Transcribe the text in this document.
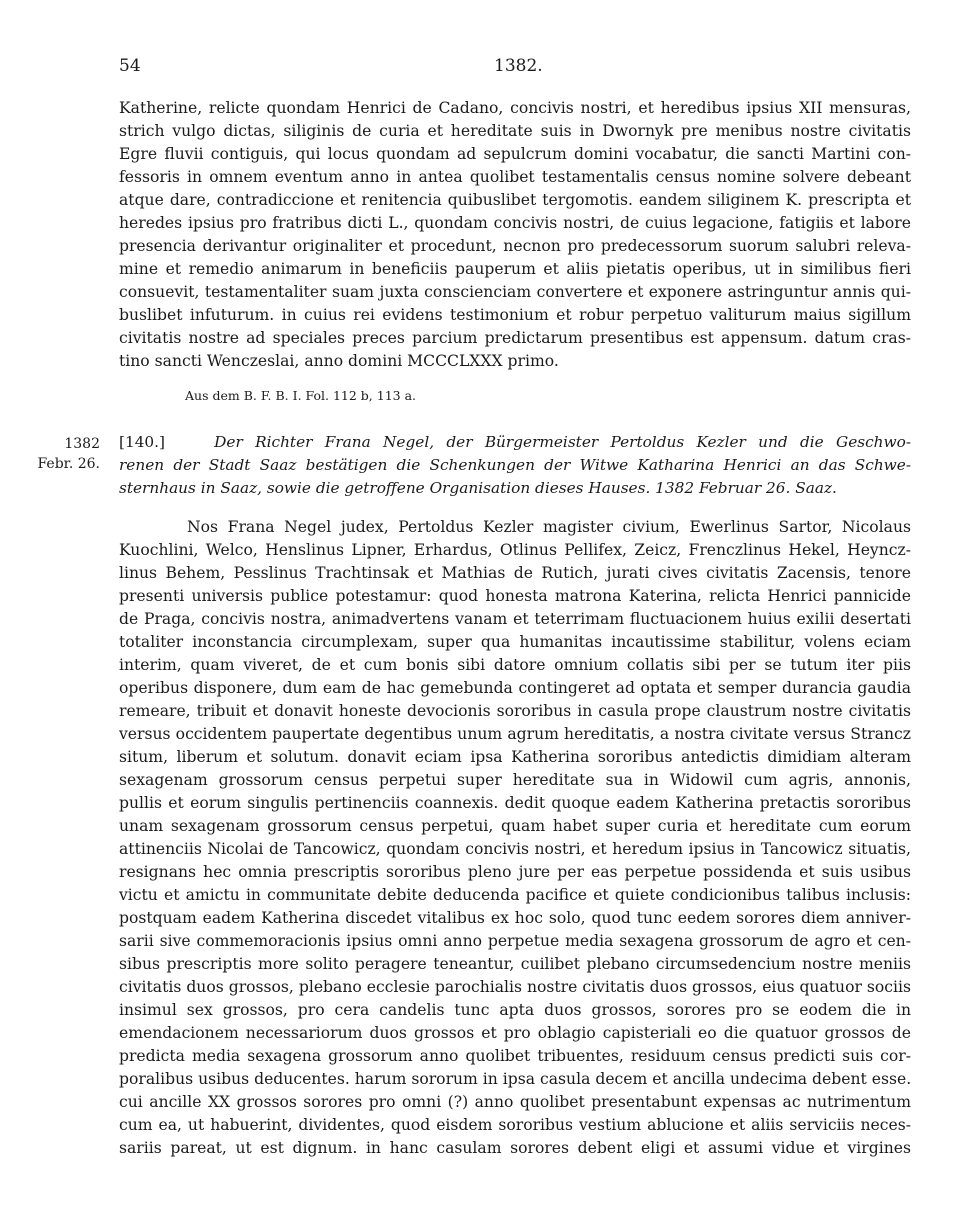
54	1382.
Katherine, relicte quondam Henrici de Cadano, concivis nostri, et heredibus ipsius XII mensuras,
strich vulgo dictas, siliginis de curia et hereditate suis in Dwornyk pre menibus nostre civitatis
Egre fluvii contiguis, qui locus quondam ad sepulcrum domini vocabatur, die sancti Martini con-
fessoris in omnem eventum anno in antea quolibet testamentalis census nomine solvere debeant
atque dare, contradiccione et renitencia quibuslibet tergomotis. eandem siliginem K. prescripta et
heredes ipsius pro fratribus dicti L., quondam concivis nostri, de cuius legacione, fatigiis et labore
presencia derivantur originaliter et procedunt, necnon pro predecessorum suorum salubri releva-
mine et remedio animarum in beneficiis pauperum et aliis pietatis operibus, ut in similibus fieri
consuevit, testamentaliter suam juxta conscienciam convertere et exponere astringuntur annis qui-
buslibet infuturum. in cuius rei evidens testimonium et robur perpetuo valiturum maius sigillum
civitatis nostre ad speciales preces parcium predictarum presentibus est appensum. datum cras-
tino sancti Wenczeslai, anno domini MCCCLXXX primo.
Aus dem B. F. B. I. Fol. 112 b, 113 a.
1382
Febr. 26.
[140.]	Der Richter Frana Negel, der Bürgermeister Pertoldus Kezler und die Geschwo-
renen der Stadt Saaz bestätigen die Schenkungen der Witwe Katharina Henrici an das Schwe-
sternhaus in Saaz, sowie die getroffene Organisation dieses Hauses. 1382 Februar 26. Saaz.
Nos Frana Negel judex, Pertoldus Kezler magister civium, Ewerlinus Sartor, Nicolaus
Kuochlini, Welco, Henslinus Lipner, Erhardus, Otlinus Pellifex, Zeicz, Frenczlinus Hekel, Heyncz-
linus Behem, Pesslinus Trachtinsak et Mathias de Rutich, jurati cives civitatis Zacensis, tenore
presenti universis publice potestamur: quod honesta matrona Katerina, relicta Henrici pannicide
de Praga, concivis nostra, animadvertens vanam et teterrimam fluctuacionem huius exilii desertati
totaliter inconstancia circumplexam, super qua humanitas incautissime stabilitur, volens eciam
interim, quam viveret, de et cum bonis sibi datore omnium collatis sibi per se tutum iter piis
operibus disponere, dum eam de hac gemebunda contingeret ad optata et semper durancia gaudia
remeare, tribuit et donavit honeste devocionis sororibus in casula prope claustrum nostre civitatis
versus occidentem paupertate degentibus unum agrum hereditatis, a nostra civitate versus Strancz
situm, liberum et solutum. donavit eciam ipsa Katherina sororibus antedictis dimidiam alteram
sexagenam grossorum census perpetui super hereditate sua in Widowil cum agris, annonis,
pullis et eorum singulis pertinenciis coannexis. dedit quoque eadem Katherina pretactis sororibus
unam sexagenam grossorum census perpetui, quam habet super curia et hereditate cum eorum
attinenciis Nicolai de Tancowicz, quondam concivis nostri, et heredum ipsius in Tancowicz situatis,
resignans hec omnia prescriptis sororibus pleno jure per eas perpetue possidenda et suis usibus
victu et amictu in communitate debite deducenda pacifice et quiete condicionibus talibus inclusis:
postquam eadem Katherina discedet vitalibus ex hoc solo, quod tunc eedem sorores diem anniver-
sarii sive commemoracionis ipsius omni anno perpetue media sexagena grossorum de agro et cen-
sibus prescriptis more solito peragere teneantur, cuilibet plebano circumsedencium nostre meniis
civitatis duos grossos, plebano ecclesie parochialis nostre civitatis duos grossos, eius quatuor sociis
insimul sex grossos, pro cera candelis tunc apta duos grossos, sorores pro se eodem die in
emendacionem necessariorum duos grossos et pro oblagio capisteriali eo die quatuor grossos de
predicta media sexagena grossorum anno quolibet tribuentes, residuum census predicti suis cor-
poralibus usibus deducentes. harum sororum in ipsa casula decem et ancilla undecima debent esse.
cui ancille XX grossos sorores pro omni (?) anno quolibet presentabunt expensas ac nutrimentum
cum ea, ut habuerint, dividentes, quod eisdem sororibus vestium ablucione et aliis serviciis neces-
sariis pareat, ut est dignum. in hanc casulam sorores debent eligi et assumi vidue et virgines
